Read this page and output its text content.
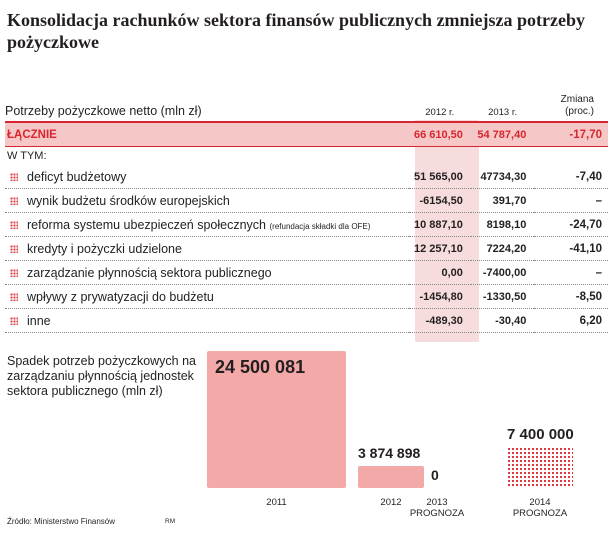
Konsolidacja rachunków sektora finansów publicznych zmniejsza potrzeby pożyczkowe
Potrzeby pożyczkowe netto (mln zł)	2012 r.	2013 r.	Zmiana (proc.)
ŁĄCZNIE	66 610,50	54 787,40	-17,70
W TYM:			

deficyt budżetowy	51 565,00	47734,30	-7,40

wynik budżetu środków europejskich	-6154,50	391,70	–

reforma systemu ubezpieczeń społecznych (refundacja składki dla OFE)	10 887,10	8198,10	-24,70

kredyty i pożyczki udzielone	12 257,10	7224,20	-41,10

zarządzanie płynnością sektora publicznego	0,00	-7400,00	–

wpływy z prywatyzacji do budżetu	-1454,80	-1330,50	-8,50

inne	-489,30	-30,40	6,20
Spadek potrzeb pożyczkowych na zarządzaniu płynnością jednostek sektora publicznego (mln zł)
24 500 081
2011
3 874 898
2012
0
2013
PROGNOZA
7 400 000
2014
PROGNOZA
Źródło: Ministerstwo Finansów	RM
